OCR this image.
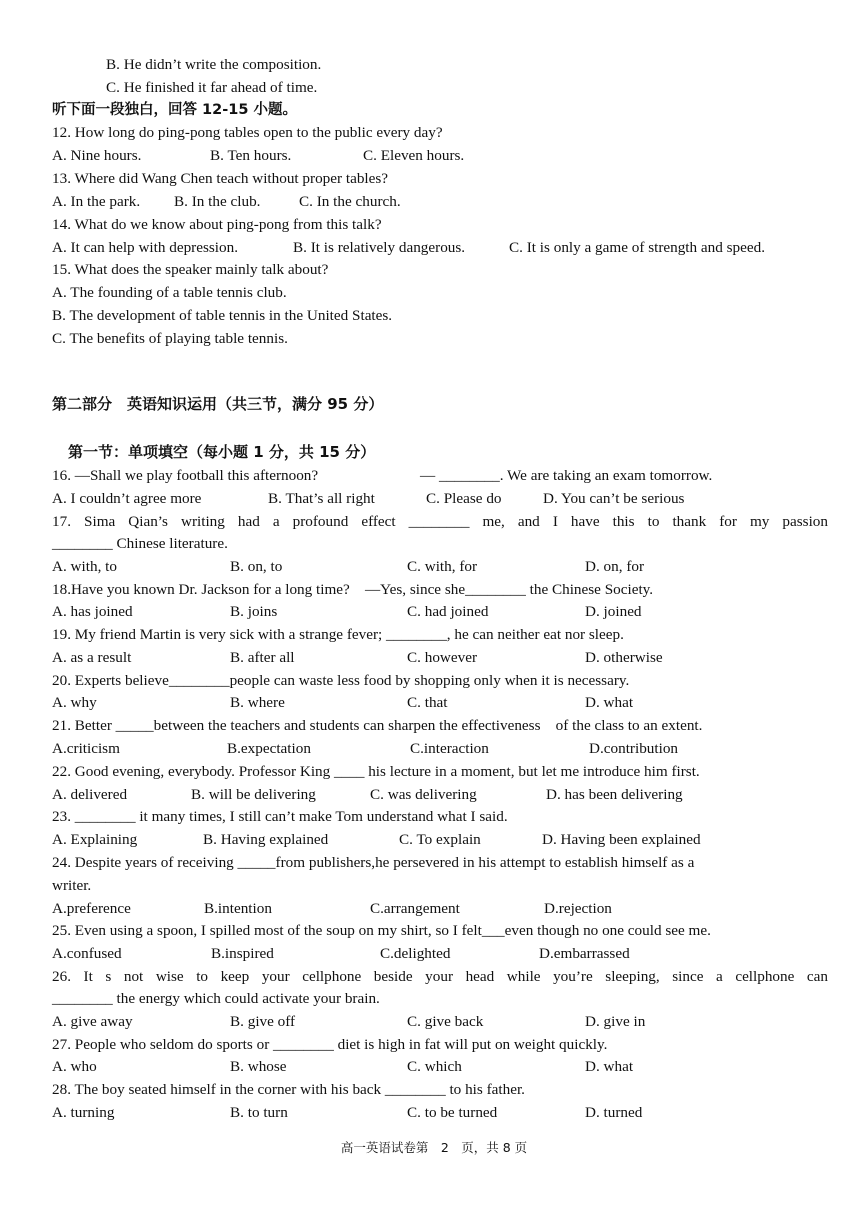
B. He didn’t write the composition.
C. He finished it far ahead of time.
听下面一段独白，回答 12-15 小题。
12. How long do ping-pong tables open to the public every day?
A. Nine hours.	B. Ten hours.	C. Eleven hours.
13. Where did Wang Chen teach without proper tables?
A. In the park. B. In the club.	C. In the church.
14. What do we know about ping-pong from this talk?
A. It can help with depression.	B. It is relatively dangerous.	C. It is only a game of strength and speed.
15. What does the speaker mainly talk about?
A. The founding of a table tennis club.
B. The development of table tennis in the United States.
C. The benefits of playing table tennis.
第二部分　英语知识运用（共三节，满分 95 分）
第一节：单项填空（每小题 1 分，共 15 分）
16. —Shall we play football this afternoon?	— ________. We are taking an exam tomorrow.
A. I couldn’t agree more	B. That’s all right	C. Please do	D. You can’t be serious
17. Sima Qian’s writing had a profound effect ________ me, and I have this to thank for my passion
________ Chinese literature.
A. with, to	B. on, to	C. with, for	D. on, for
18.Have you known Dr. Jackson for a long time?　—Yes, since she________ the Chinese Society.
A. has joined	B. joins	C. had joined	D. joined
19. My friend Martin is very sick with a strange fever; ________, he can neither eat nor sleep.
A. as a result	B. after all	C. however	D. otherwise
20. Experts believe________people can waste less food by shopping only when it is necessary.
A. why	B. where	C. that	D. what
21. Better _____between the teachers and students can sharpen the effectiveness　of the class to an extent.
A.criticism	B.expectation	C.interaction	D.contribution
22. Good evening, everybody. Professor King ____ his lecture in a moment, but let me introduce him first.
A. delivered	B. will be delivering	C. was delivering	D. has been delivering
23. ________ it many times, I still can’t make Tom understand what I said.
A. Explaining	B. Having explained	C. To explain	D. Having been explained
24. Despite years of receiving _____from publishers,he persevered in his attempt to establish himself as a
writer.
A.preference	B.intention	C.arrangement	D.rejection
25. Even using a spoon, I spilled most of the soup on my shirt, so I felt___even though no one could see me.
A.confused	B.inspired	C.delighted	D.embarrassed
26. It s not wise to keep your cellphone beside your head while you’re sleeping, since a cellphone can
________ the energy which could activate your brain.
A. give away	B. give off	C. give back	D. give in
27. People who seldom do sports or ________ diet is high in fat will put on weight quickly.
A. who	B. whose	C. which	D. what
28. The boy seated himself in the corner with his back ________ to his father.
A. turning	B. to turn	C. to be turned	D. turned
高一英语试卷第　2　页，共 8 页
